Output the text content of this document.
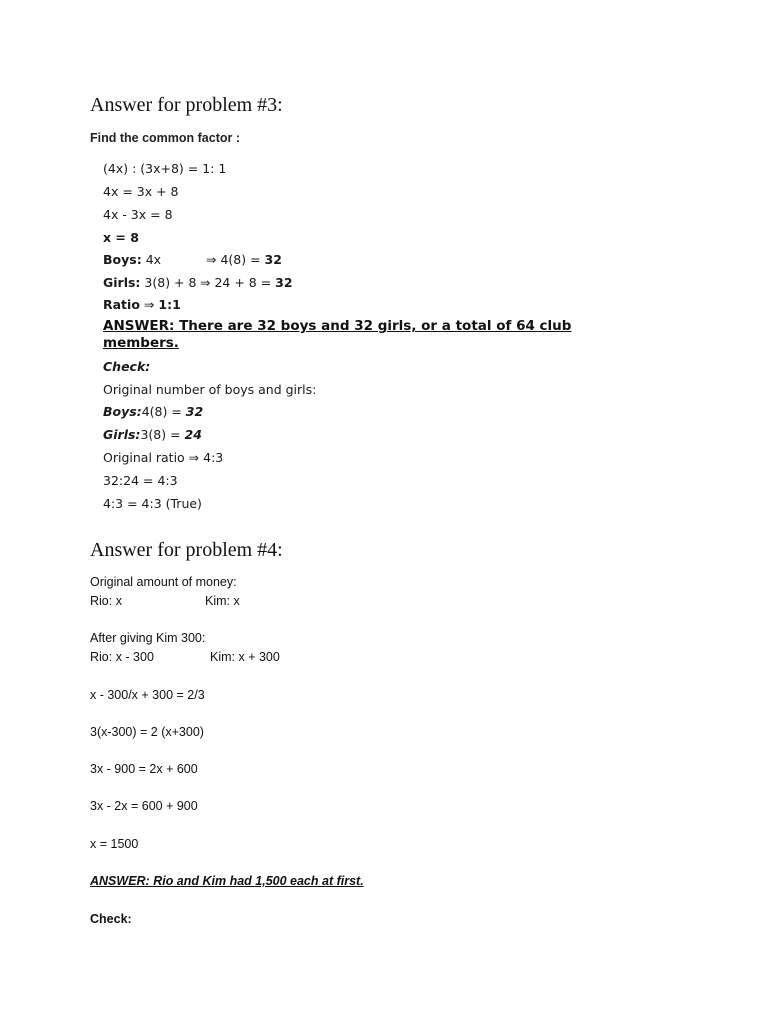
Answer for problem #3:
Find the common factor :
(4x) : (3x+8) = 1: 1
4x = 3x + 8
4x - 3x = 8
x = 8
Boys: 4x	⇒ 4(8) = 32
Girls: 3(8) + 8 ⇒ 24 + 8 = 32
Ratio ⇒ 1:1
ANSWER: There are 32 boys and 32 girls, or a total of 64 club members.
Check:
Original number of boys and girls:
Boys:4(8) = 32
Girls:3(8) = 24
Original ratio ⇒ 4:3
32:24 = 4:3
4:3 = 4:3 (True)
Answer for problem #4:
Original amount of money:
Rio: x	Kim: x
After giving Kim 300:
Rio: x - 300	Kim: x + 300
x - 300/x + 300 = 2/3
3(x-300) = 2 (x+300)
3x - 900 = 2x + 600
3x - 2x = 600 + 900
x = 1500
ANSWER: Rio and Kim had 1,500 each at first.
Check:
